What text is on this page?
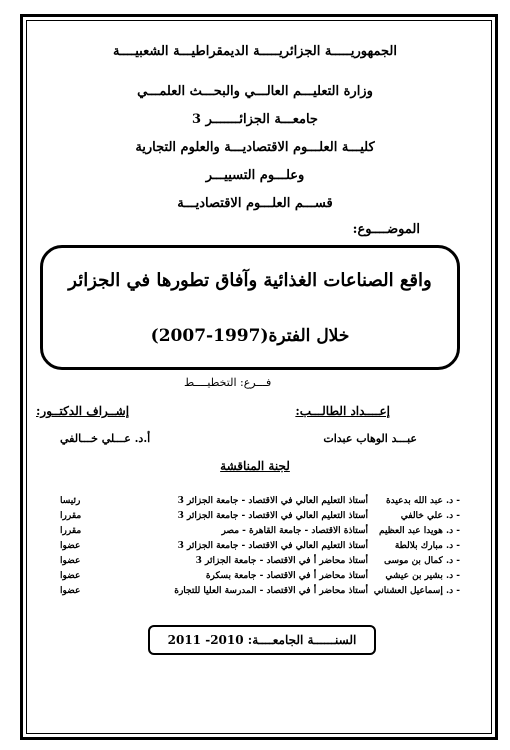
الجمهوريـــــة الجزائريـــــة الديمقراطيـــة الشعبيــــة
وزارة التعليـــم العالـــي والبحـــث العلمـــي
جامعـــة الجزائـــــــر 3
كليـــة العلـــوم الاقتصاديـــة والعلوم التجارية
وعلـــوم التسييـــر
قســـم العلـــوم الاقتصاديـــة
الموضــــوع:
واقع الصناعات الغذائية وآفاق تطورها في الجزائر
خلال الفترة(1997-2007)
فـــرع: التخطيــــط
إعــــداد الطالـــب:
إشــراف الدكتــور:
عبـــد الوهاب عبدات
أ.د. عـــلي خـــالفي
لجنة المناقشة
- د. عبد الله بدعيدة
أستاذ التعليم العالي في الاقتصاد - جامعة الجزائر 3
رئيسا
- د. علي خالفي
أستاذ التعليم العالي في الاقتصاد - جامعة الجزائر 3
مقررا
- د. هويدا عبد العظيم
أستاذة الاقتصاد - جامعة القاهرة - مصر
مقررا
- د. مبارك بلالطة
أستاذ التعليم العالي في الاقتصاد - جامعة الجزائر 3
عضوا
- د. كمال بن موسى
أستاذ محاضر أ في الاقتصاد - جامعة الجزائر 3
عضوا
- د. بشير بن عيشي
أستاذ محاضر أ في الاقتصاد - جامعة بسكرة
عضوا
- د. إسماعيل العشناني
أستاذ محاضر أ في الاقتصاد - المدرسة العليا للتجارة
عضوا
السنــــــة الجامعــــة: 2010- 2011
